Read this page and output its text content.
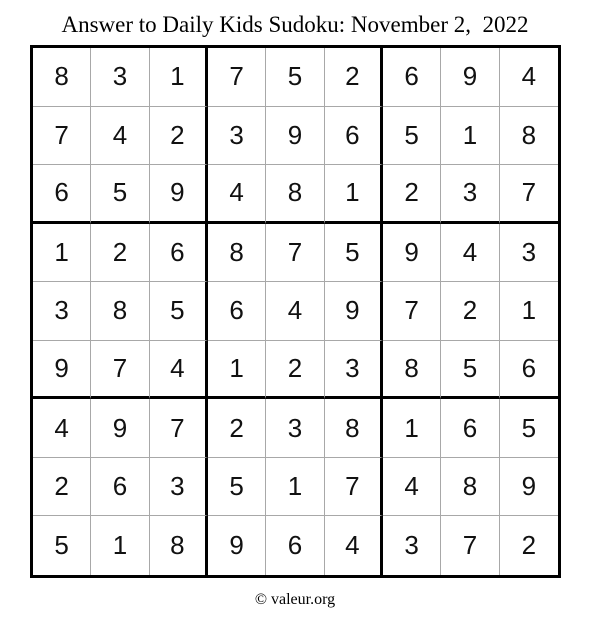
Answer to Daily Kids Sudoku: November 2,  2022
8	3	1	7	5	2	6	9	4
7	4	2	3	9	6	5	1	8
6	5	9	4	8	1	2	3	7
1	2	6	8	7	5	9	4	3
3	8	5	6	4	9	7	2	1
9	7	4	1	2	3	8	5	6
4	9	7	2	3	8	1	6	5
2	6	3	5	1	7	4	8	9
5	1	8	9	6	4	3	7	2
© valeur.org
